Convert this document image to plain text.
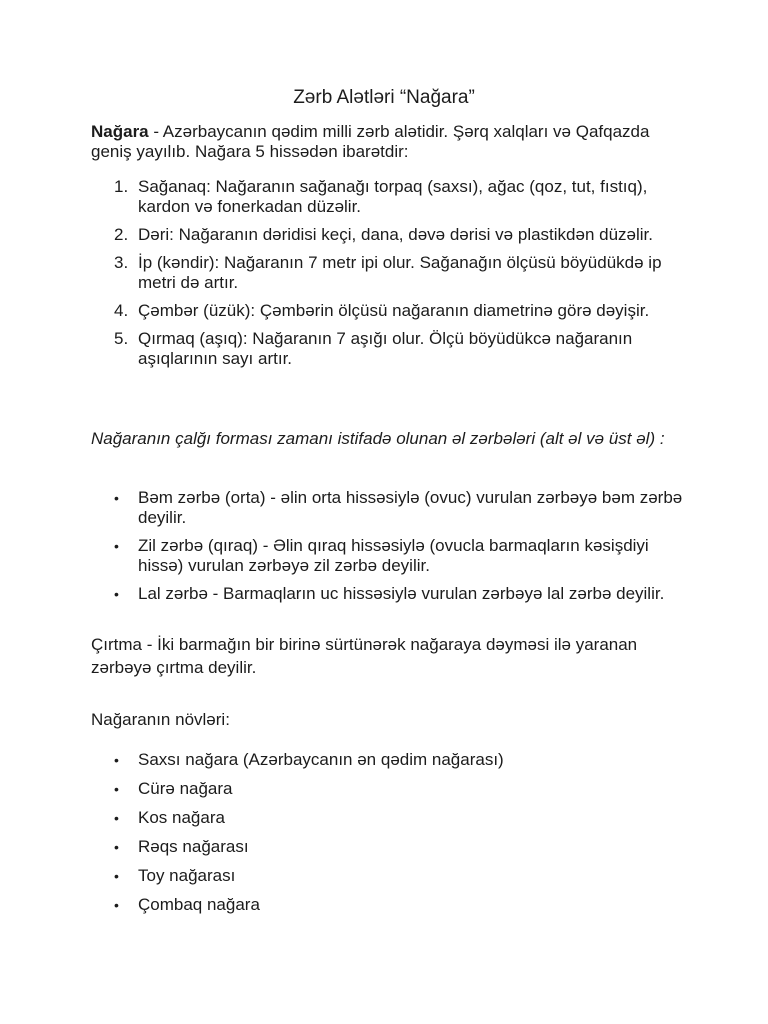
Zərb Alətləri “Nağara”

Nağara - Azərbaycanın qədim milli zərb alətidir. Şərq xalqları və Qafqazda geniş yayılıb. Nağara 5 hissədən ibarətdir:

1. Sağanaq: Nağaranın sağanağı torpaq (saxsı), ağac (qoz, tut, fıstıq), kardon və fonerkadan düzəlir.
2. Dəri: Nağaranın dəridisi keçi, dana, dəvə dərisi və plastikdən düzəlir.
3. İp (kəndir): Nağaranın 7 metr ipi olur. Sağanağın ölçüsü böyüdükdə ip metri də artır.
4. Çəmbər (üzük): Çəmbərin ölçüsü nağaranın diametrinə görə dəyişir.
5. Qırmaq (aşıq): Nağaranın 7 aşığı olur. Ölçü böyüdükcə nağaranın aşıqlarının sayı artır.

Nağaranın çalğı forması zamanı istifadə olunan əl zərbələri (alt əl və üst əl) :

• Bəm zərbə (orta) - əlin orta hissəsiylə (ovuc) vurulan zərbəyə bəm zərbə deyilir.
• Zil zərbə (qıraq) - Əlin qıraq hissəsiylə (ovucla barmaqların kəsişdiyi hissə) vurulan zərbəyə zil zərbə deyilir.
• Lal zərbə - Barmaqların uc hissəsiylə vurulan zərbəyə lal zərbə deyilir.

Çırtma - İki barmağın bir birinə sürtünərək nağaraya dəyməsi ilə yaranan zərbəyə çırtma deyilir.

Nağaranın növləri:

• Saxsı nağara (Azərbaycanın ən qədim nağarası)
• Cürə nağara
• Kos nağara
• Rəqs nağarası
• Toy nağarası
• Çombaq nağara
